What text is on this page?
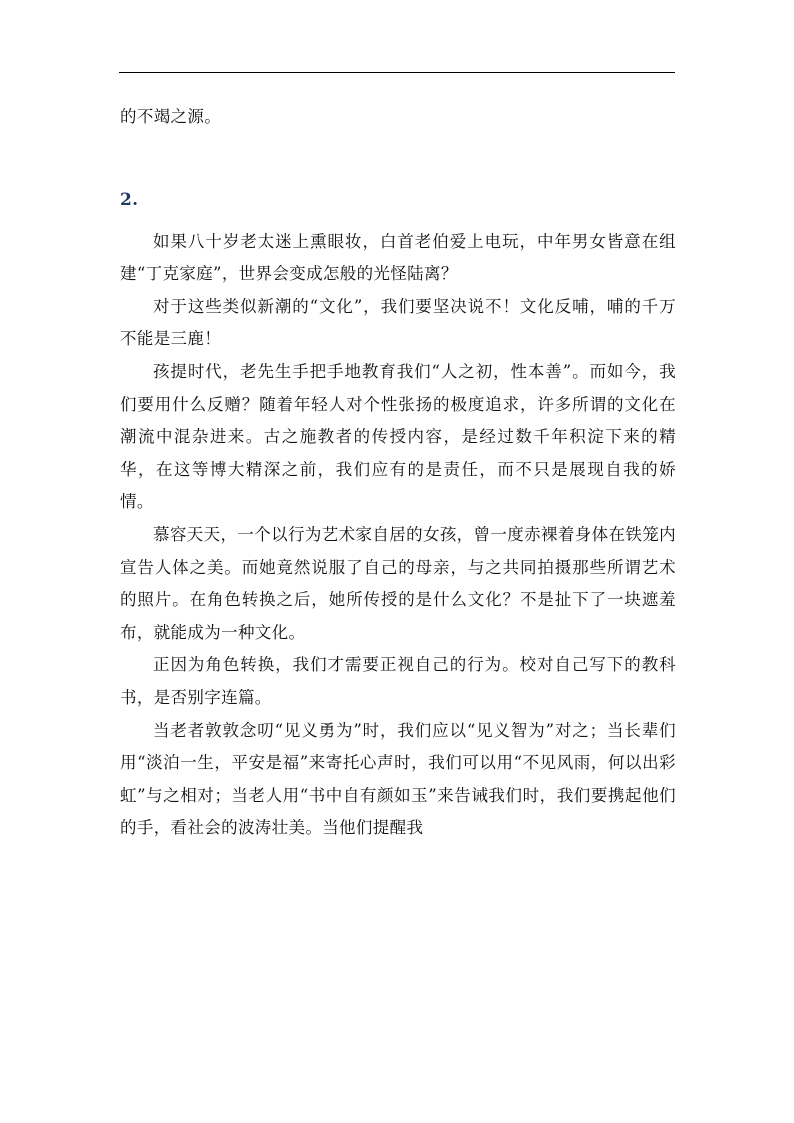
的不竭之源。

2.

如果八十岁老太迷上熏眼妆，白首老伯爱上电玩，中年男女皆意在组建“丁克家庭”，世界会变成怎般的光怪陆离？

对于这些类似新潮的“文化”，我们要坚决说不！文化反哺，哺的千万不能是三鹿！

孩提时代，老先生手把手地教育我们“人之初，性本善”。而如今，我们要用什么反赠？随着年轻人对个性张扬的极度追求，许多所谓的文化在潮流中混杂进来。古之施教者的传授内容，是经过数千年积淀下来的精华，在这等博大精深之前，我们应有的是责任，而不只是展现自我的娇情。

慕容天天，一个以行为艺术家自居的女孩，曾一度赤裸着身体在铁笼内宣告人体之美。而她竟然说服了自己的母亲，与之共同拍摄那些所谓艺术的照片。在角色转换之后，她所传授的是什么文化？不是扯下了一块遮羞布，就能成为一种文化。

正因为角色转换，我们才需要正视自己的行为。校对自己写下的教科书，是否别字连篇。

当老者敦敦念叨“见义勇为”时，我们应以“见义智为”对之；当长辈们用“淡泊一生，平安是福”来寄托心声时，我们可以用“不见风雨，何以出彩虹”与之相对；当老人用“书中自有颜如玉”来告诫我们时，我们要携起他们的手，看社会的波涛壮美。当他们提醒我
